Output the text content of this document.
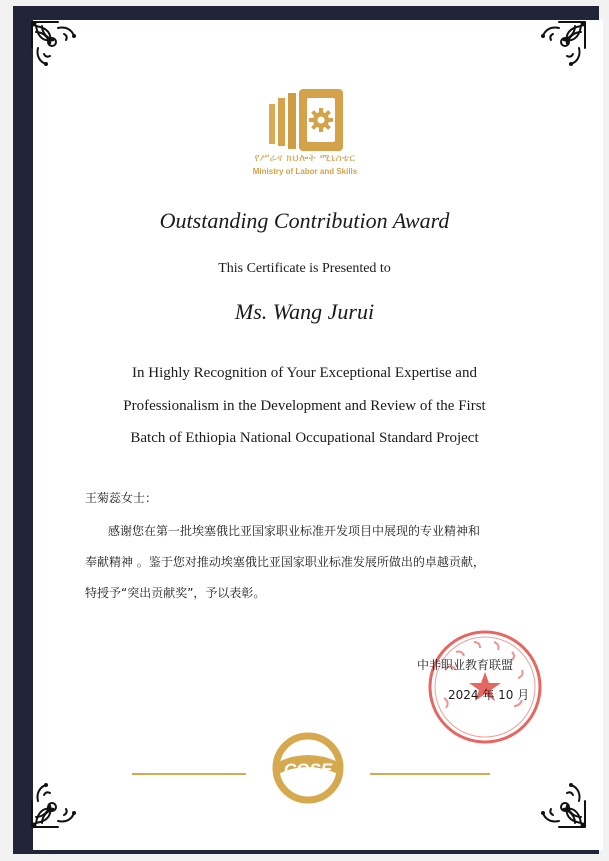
የሥራና ክህሎት ሚኒስቴር
Ministry of Labor and Skills
Outstanding Contribution Award
This Certificate is Presented to
Ms. Wang Jurui
In Highly Recognition of Your Exceptional Expertise and
Professionalism in the Development and Review of the First
Batch of Ethiopia National Occupational Standard Project
王菊蕊女士：
感谢您在第一批埃塞俄比亚国家职业标准开发项目中展现的专业精神和
奉献精神 。鉴于您对推动埃塞俄比亚国家职业标准发展所做出的卓越贡献，
特授予“突出贡献奖”，予以表彰。
中非职业教育联盟
2024 年 10 月
COSE
